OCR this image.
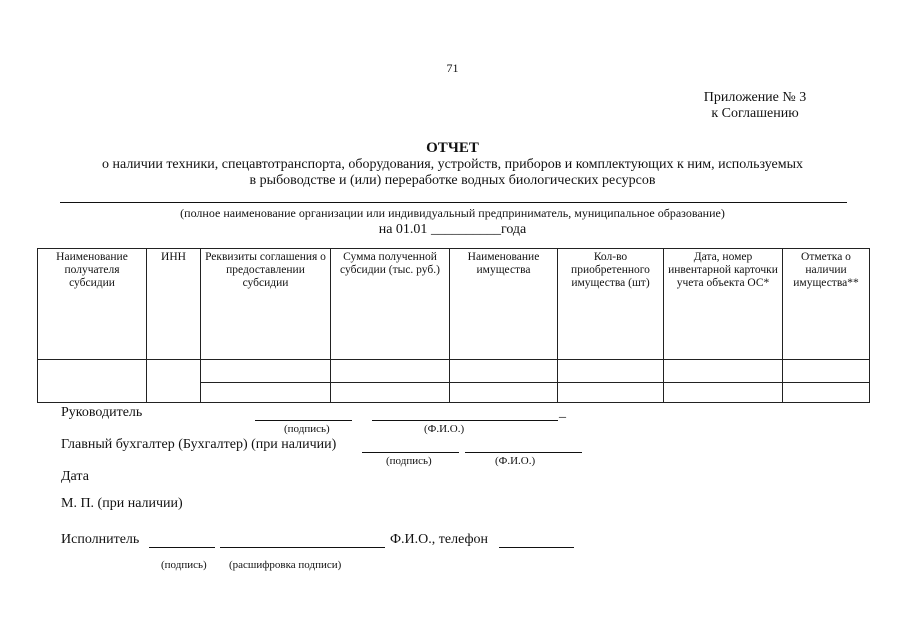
71
Приложение № 3
к Соглашению
ОТЧЕТ
о наличии техники, спецавтотранспорта, оборудования, устройств, приборов и комплектующих к ним, используемых
в рыбоводстве и (или) переработке водных биологических ресурсов
(полное наименование организации или индивидуальный предприниматель, муниципальное образование)
на 01.01 __________года
Наименование получателя субсидии	ИНН	Реквизиты соглашения о предоставлении субсидии	Сумма полученной субсидии (тыс. руб.)	Наименование имущества	Кол-во приобретенного имущества (шт)	Дата, номер инвентарной карточки учета объекта ОС*	Отметка о наличии имущества**

Руководитель	_
(подпись)	(Ф.И.О.)
Главный бухгалтер (Бухгалтер) (при наличии)
(подпись)	(Ф.И.О.)
Дата
М. П. (при наличии)
Исполнитель	Ф.И.О., телефон
(подпись) (расшифровка подписи)
